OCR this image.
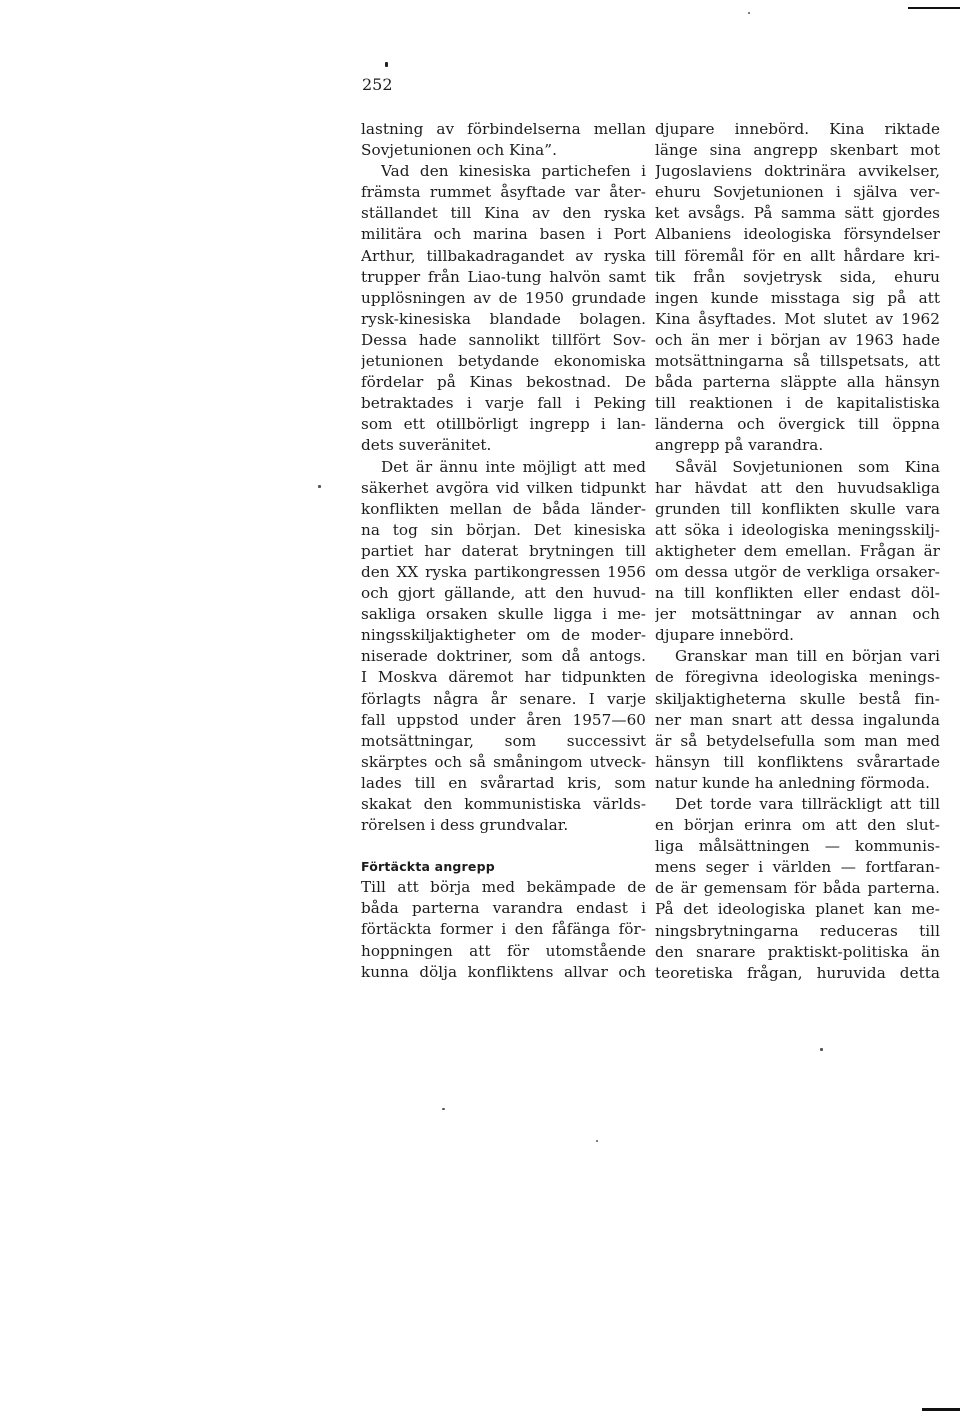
252
lastning av förbindelserna mellan
Sovjetunionen och Kina”.
Vad den kinesiska partichefen i
främsta rummet åsyftade var åter-
ställandet till Kina av den ryska
militära och marina basen i Port
Arthur, tillbakadragandet av ryska
trupper från Liao-tung halvön samt
upplösningen av de 1950 grundade
rysk-kinesiska blandade bolagen.
Dessa hade sannolikt tillfört Sov-
jetunionen betydande ekonomiska
fördelar på Kinas bekostnad. De
betraktades i varje fall i Peking
som ett otillbörligt ingrepp i lan-
dets suveränitet.
Det är ännu inte möjligt att med
säkerhet avgöra vid vilken tidpunkt
konflikten mellan de båda länder-
na tog sin början. Det kinesiska
partiet har daterat brytningen till
den XX ryska partikongressen 1956
och gjort gällande, att den huvud-
sakliga orsaken skulle ligga i me-
ningsskiljaktigheter om de moder-
niserade doktriner, som då antogs.
I Moskva däremot har tidpunkten
förlagts några år senare. I varje
fall uppstod under åren 1957—60
motsättningar, som successivt
skärptes och så småningom utveck-
lades till en svårartad kris, som
skakat den kommunistiska världs-
rörelsen i dess grundvalar.
Förtäckta angrepp
Till att börja med bekämpade de
båda parterna varandra endast i
förtäckta former i den fåfänga för-
hoppningen att för utomstående
kunna dölja konfliktens allvar och
djupare innebörd. Kina riktade
länge sina angrepp skenbart mot
Jugoslaviens doktrinära avvikelser,
ehuru Sovjetunionen i själva ver-
ket avsågs. På samma sätt gjordes
Albaniens ideologiska försyndelser
till föremål för en allt hårdare kri-
tik från sovjetrysk sida, ehuru
ingen kunde misstaga sig på att
Kina åsyftades. Mot slutet av 1962
och än mer i början av 1963 hade
motsättningarna så tillspetsats, att
båda parterna släppte alla hänsyn
till reaktionen i de kapitalistiska
länderna och övergick till öppna
angrepp på varandra.
Såväl Sovjetunionen som Kina
har hävdat att den huvudsakliga
grunden till konflikten skulle vara
att söka i ideologiska meningsskilj-
aktigheter dem emellan. Frågan är
om dessa utgör de verkliga orsaker-
na till konflikten eller endast döl-
jer motsättningar av annan och
djupare innebörd.
Granskar man till en början vari
de föregivna ideologiska menings-
skiljaktigheterna skulle bestå fin-
ner man snart att dessa ingalunda
är så betydelsefulla som man med
hänsyn till konfliktens svårartade
natur kunde ha anledning förmoda.
Det torde vara tillräckligt att till
en början erinra om att den slut-
liga målsättningen — kommunis-
mens seger i världen — fortfaran-
de är gemensam för båda parterna.
På det ideologiska planet kan me-
ningsbrytningarna reduceras till
den snarare praktiskt-politiska än
teoretiska frågan, huruvida detta
